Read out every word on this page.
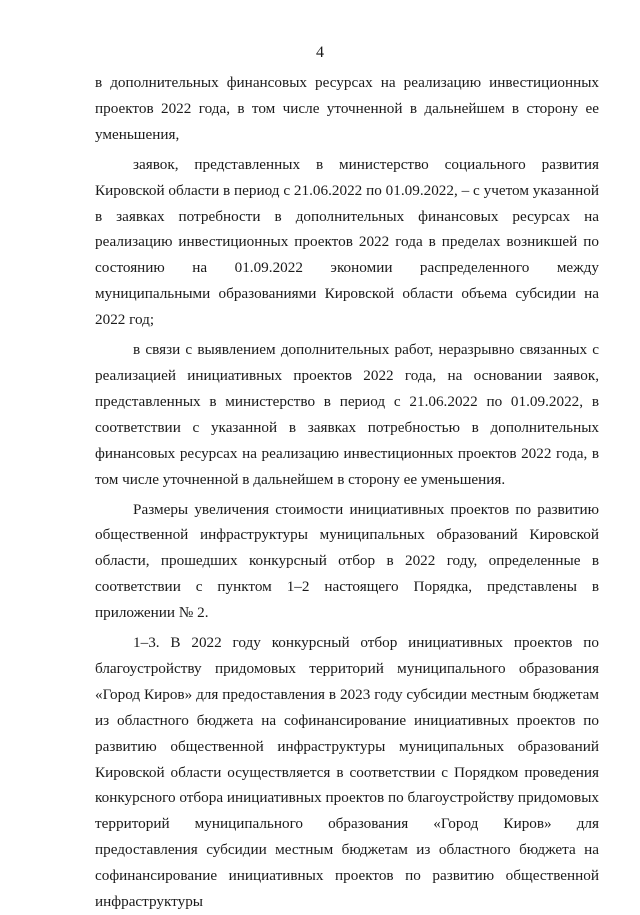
4

в дополнительных финансовых ресурсах на реализацию инвестиционных проектов 2022 года, в том числе уточненной в дальнейшем в сторону ее уменьшения,

заявок, представленных в министерство социального развития Кировской области в период с 21.06.2022 по 01.09.2022, – с учетом указанной в заявках потребности в дополнительных финансовых ресурсах на реализацию инвестиционных проектов 2022 года в пределах возникшей по состоянию на 01.09.2022 экономии распределенного между муниципальными образованиями Кировской области объема субсидии на 2022 год;

в связи с выявлением дополнительных работ, неразрывно связанных с реализацией инициативных проектов 2022 года, на основании заявок, представленных в министерство в период с 21.06.2022 по 01.09.2022, в соответствии с указанной в заявках потребностью в дополнительных финансовых ресурсах на реализацию инвестиционных проектов 2022 года, в том числе уточненной в дальнейшем в сторону ее уменьшения.

Размеры увеличения стоимости инициативных проектов по развитию общественной инфраструктуры муниципальных образований Кировской области, прошедших конкурсный отбор в 2022 году, определенные в соответствии с пунктом 1–2 настоящего Порядка, представлены в приложении № 2.

1–3. В 2022 году конкурсный отбор инициативных проектов по благоустройству придомовых территорий муниципального образования «Город Киров» для предоставления в 2023 году субсидии местным бюджетам из областного бюджета на софинансирование инициативных проектов по развитию общественной инфраструктуры муниципальных образований Кировской области осуществляется в соответствии с Порядком проведения конкурсного отбора инициативных проектов по благоустройству придомовых территорий муниципального образования «Город Киров» для предоставления субсидии местным бюджетам из областного бюджета на софинансирование инициативных проектов по развитию общественной инфраструктуры
